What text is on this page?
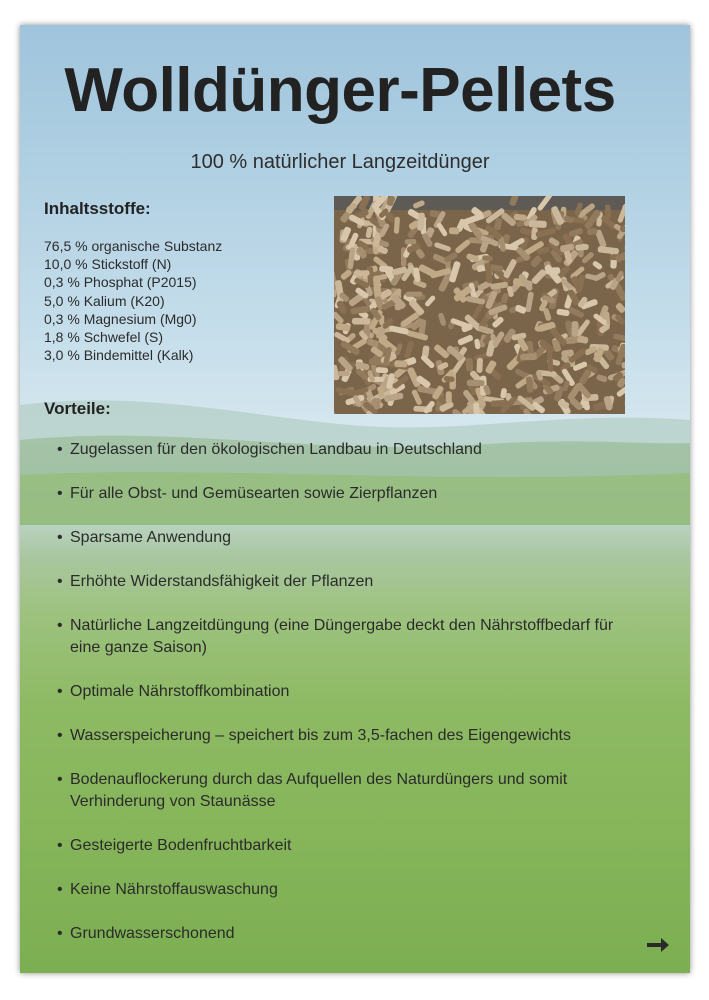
Wolldünger-Pellets
100 % natürlicher Langzeitdünger
Inhaltsstoffe:
76,5 % organische Substanz
10,0 % Stickstoff (N)
0,3 % Phosphat (P2015)
5,0 % Kalium (K20)
0,3 % Magnesium (Mg0)
1,8 % Schwefel (S)
3,0 % Bindemittel (Kalk)
Vorteile:
• Zugelassen für den ökologischen Landbau in Deutschland
• Für alle Obst- und Gemüsearten sowie Zierpflanzen
• Sparsame Anwendung
• Erhöhte Widerstandsfähigkeit der Pflanzen
• Natürliche Langzeitdüngung (eine Düngergabe deckt den Nährstoffbedarf für eine ganze Saison)
• Optimale Nährstoffkombination
• Wasserspeicherung – speichert bis zum 3,5-fachen des Eigengewichts
• Bodenauflockerung durch das Aufquellen des Naturdüngers und somit Verhinderung von Staunässe
• Gesteigerte Bodenfruchtbarkeit
• Keine Nährstoffauswaschung
• Grundwasserschonend
